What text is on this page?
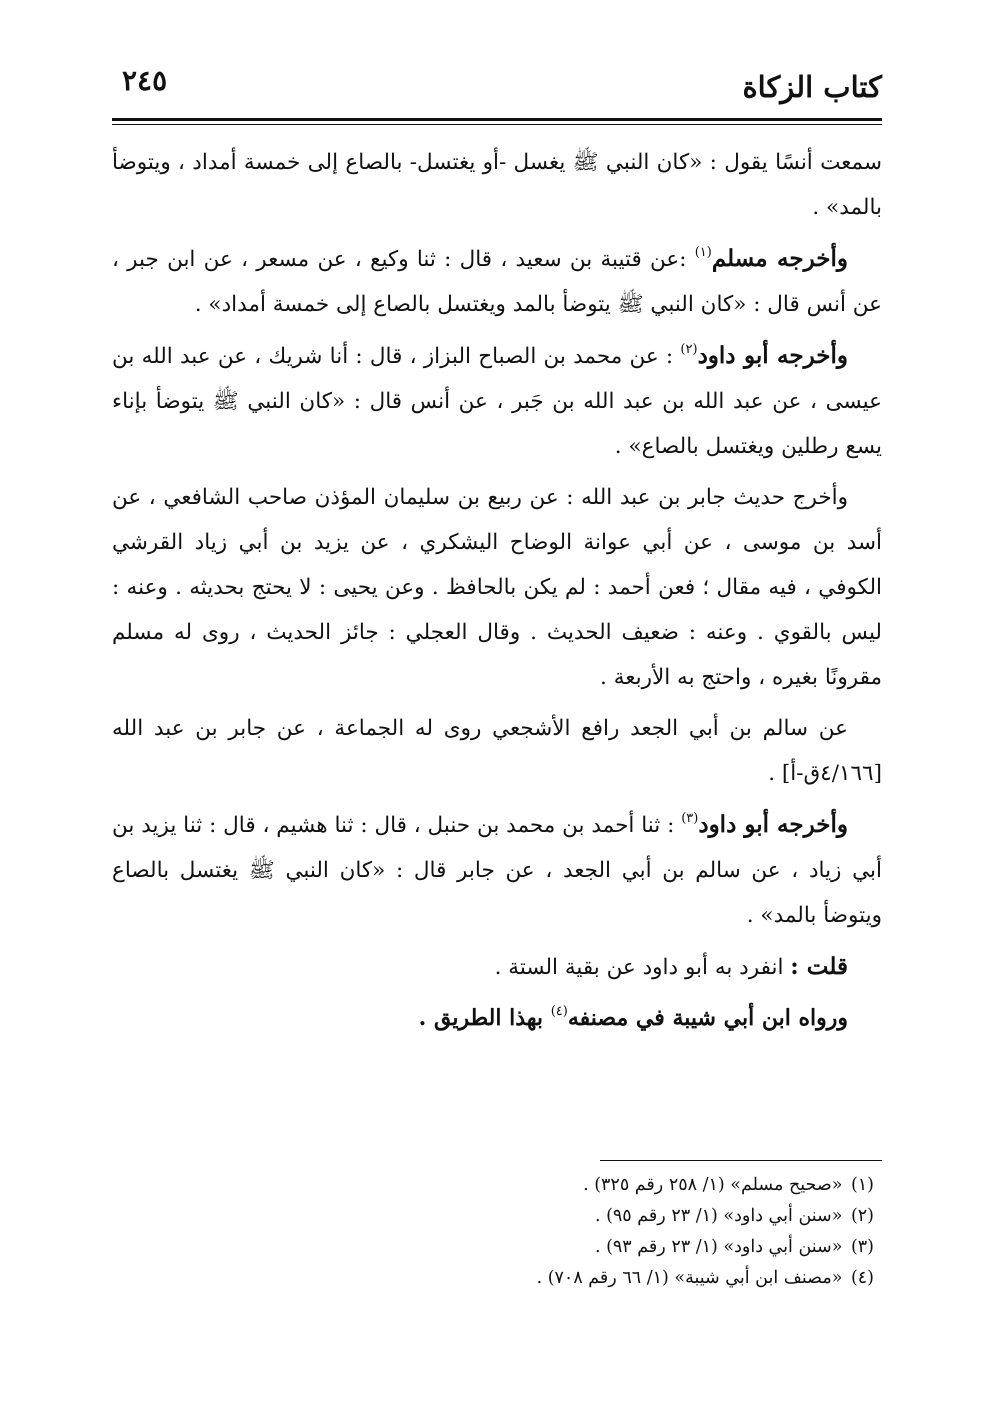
كتاب الزكاة
٢٤٥

سمعت أنسًا يقول : «كان النبي ﷺ يغسل -أو يغتسل- بالصاع إلى خمسة أمداد ، ويتوضأ بالمد» .

وأخرجه مسلم$^{(١)}$ :عن قتيبة بن سعيد ، قال : ثنا وكيع ، عن مسعر ، عن ابن جبر ، عن أنس قال : «كان النبي ﷺ يتوضأ بالمد ويغتسل بالصاع إلى خمسة أمداد» .

وأخرجه أبو داود$^{(٢)}$ : عن محمد بن الصباح البزاز ، قال : أنا شريك ، عن عبد الله بن عيسى ، عن عبد الله بن عبد الله بن جَبر ، عن أنس قال : «كان النبي ﷺ يتوضأ بإناء يسع رطلين ويغتسل بالصاع» .

وأخرج حديث جابر بن عبد الله : عن ربيع بن سليمان المؤذن صاحب الشافعي ، عن أسد بن موسى ، عن أبي عوانة الوضاح اليشكري ، عن يزيد بن أبي زياد القرشي الكوفي ، فيه مقال ؛ فعن أحمد : لم يكن بالحافظ . وعن يحيى : لا يحتج بحديثه . وعنه : ليس بالقوي . وعنه : ضعيف الحديث . وقال العجلي : جائز الحديث ، روى له مسلم مقرونًا بغيره ، واحتج به الأربعة .

عن سالم بن أبي الجعد رافع الأشجعي روى له الجماعة ، عن جابر بن عبد الله [٤/١٦٦ق-أ] .

وأخرجه أبو داود$^{(٣)}$ : ثنا أحمد بن محمد بن حنبل ، قال : ثنا هشيم ، قال : ثنا يزيد بن أبي زياد ، عن سالم بن أبي الجعد ، عن جابر قال : «كان النبي ﷺ يغتسل بالصاع ويتوضأ بالمد» .

قلت : انفرد به أبو داود عن بقية الستة .

ورواه ابن أبي شيبة في مصنفه$^{(٤)}$ بهذا الطريق .

(١) «صحيح مسلم» (١/ ٢٥٨ رقم ٣٢٥) .

(٢) «سنن أبي داود» (١/ ٢٣ رقم ٩٥) .

(٣) «سنن أبي داود» (١/ ٢٣ رقم ٩٣) .

(٤) «مصنف ابن أبي شيبة» (١/ ٦٦ رقم ٧٠٨) .
